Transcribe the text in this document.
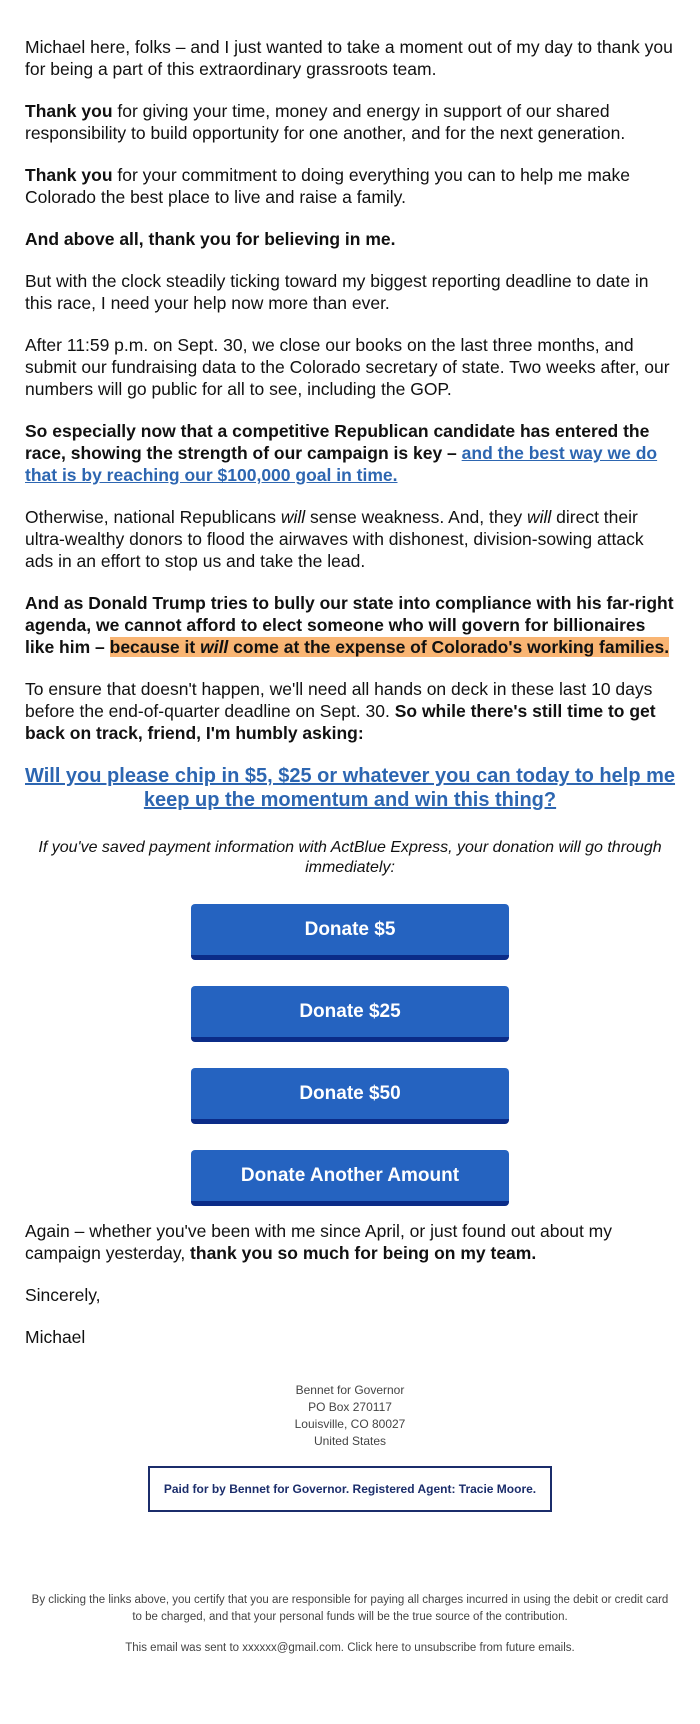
Michael here, folks – and I just wanted to take a moment out of my day to thank you for being a part of this extraordinary grassroots team.

Thank you for giving your time, money and energy in support of our shared responsibility to build opportunity for one another, and for the next generation.

Thank you for your commitment to doing everything you can to help me make Colorado the best place to live and raise a family.

And above all, thank you for believing in me.

But with the clock steadily ticking toward my biggest reporting deadline to date in this race, I need your help now more than ever.

After 11:59 p.m. on Sept. 30, we close our books on the last three months, and submit our fundraising data to the Colorado secretary of state. Two weeks after, our numbers will go public for all to see, including the GOP.

So especially now that a competitive Republican candidate has entered the race, showing the strength of our campaign is key – and the best way we do that is by reaching our $100,000 goal in time.

Otherwise, national Republicans will sense weakness. And, they will direct their ultra-wealthy donors to flood the airwaves with dishonest, division-sowing attack ads in an effort to stop us and take the lead.

And as Donald Trump tries to bully our state into compliance with his far-right agenda, we cannot afford to elect someone who will govern for billionaires like him – because it will come at the expense of Colorado's working families.

To ensure that doesn't happen, we'll need all hands on deck in these last 10 days before the end-of-quarter deadline on Sept. 30. So while there's still time to get back on track, friend, I'm humbly asking:

Will you please chip in $5, $25 or whatever you can today to help me keep up the momentum and win this thing?
If you've saved payment information with ActBlue Express, your donation will go through immediately:
Donate $5
Donate $25
Donate $50
Donate Another Amount

Again – whether you've been with me since April, or just found out about my campaign yesterday, thank you so much for being on my team.

Sincerely,

Michael

Bennet for Governor
PO Box 270117
Louisville, CO 80027
United States
Paid for by Bennet for Governor. Registered Agent: Tracie Moore.
By clicking the links above, you certify that you are responsible for paying all charges incurred in using the debit or credit card to be charged, and that your personal funds will be the true source of the contribution.
This email was sent to xxxxxx@gmail.com. Click here to unsubscribe from future emails.
